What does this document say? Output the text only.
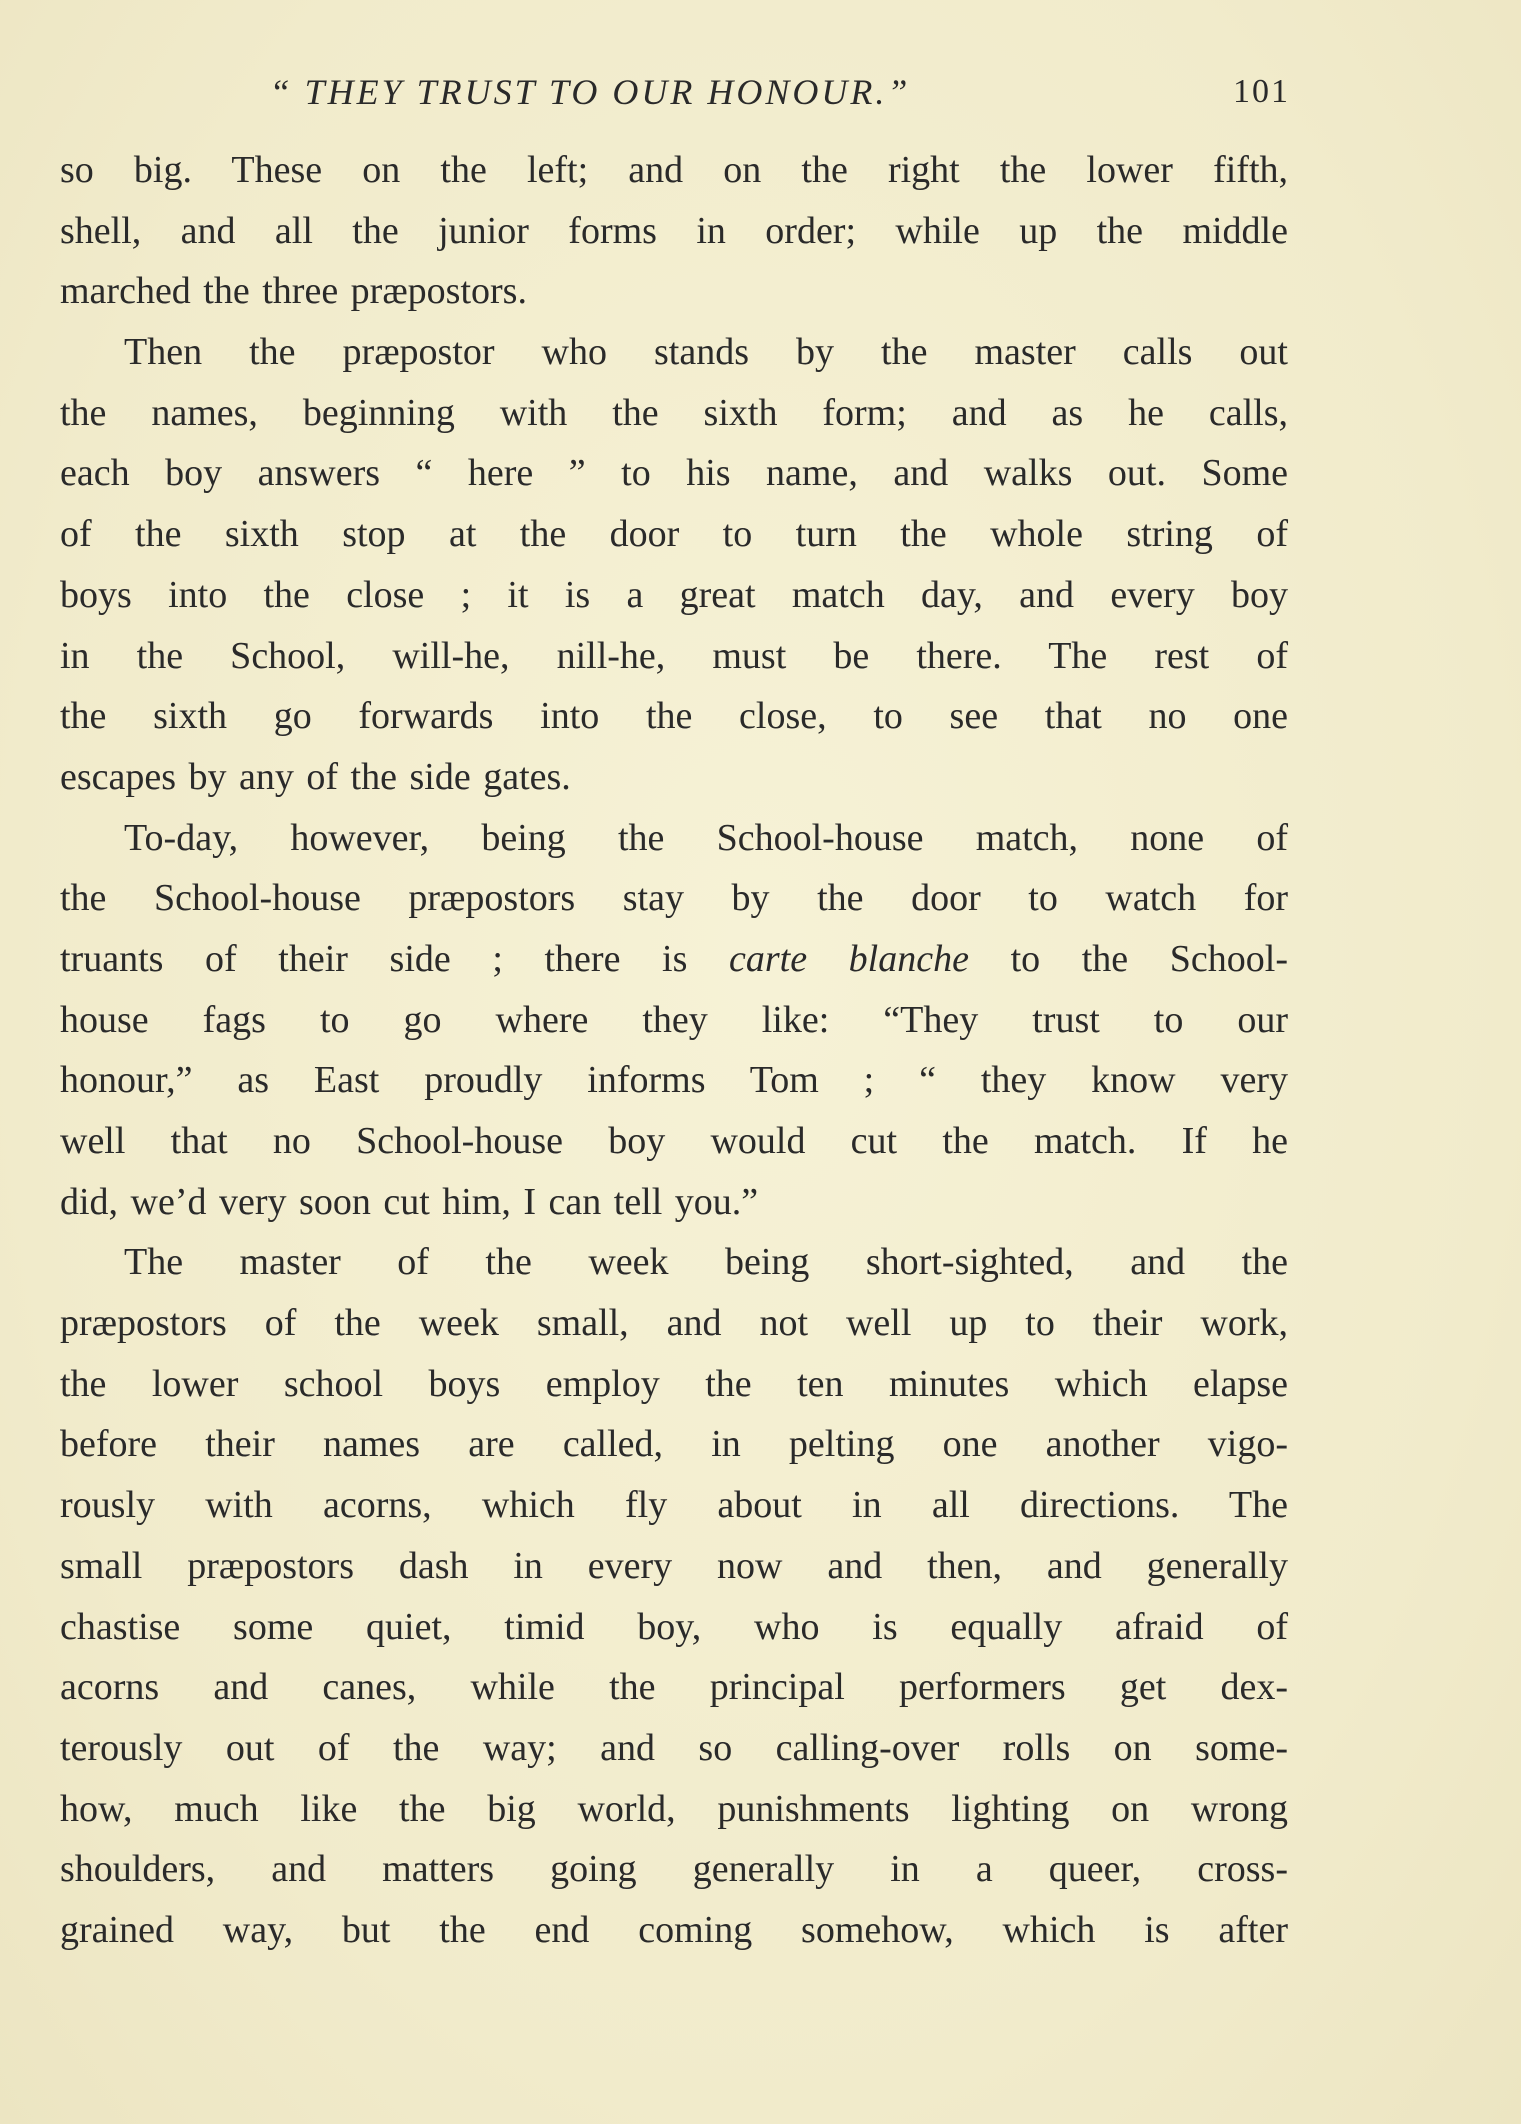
“ THEY TRUST TO OUR HONOUR.”	101
so big. These on the left; and on the right the lower fifth,
shell, and all the junior forms in order; while up the middle
marched the three præpostors.
Then the præpostor who stands by the master calls out
the names, beginning with the sixth form; and as he calls,
each boy answers “ here ” to his name, and walks out. Some
of the sixth stop at the door to turn the whole string of
boys into the close ; it is a great match day, and every boy
in the School, will-he, nill-he, must be there. The rest of
the sixth go forwards into the close, to see that no one
escapes by any of the side gates.
To-day, however, being the School-house match, none of
the School-house præpostors stay by the door to watch for
truants of their side ; there is carte blanche to the School-
house fags to go where they like: “They trust to our
honour,” as East proudly informs Tom ; “ they know very
well that no School-house boy would cut the match. If he
did, we’d very soon cut him, I can tell you.”
The master of the week being short-sighted, and the
præpostors of the week small, and not well up to their work,
the lower school boys employ the ten minutes which elapse
before their names are called, in pelting one another vigo-
rously with acorns, which fly about in all directions. The
small præpostors dash in every now and then, and generally
chastise some quiet, timid boy, who is equally afraid of
acorns and canes, while the principal performers get dex-
terously out of the way; and so calling-over rolls on some-
how, much like the big world, punishments lighting on wrong
shoulders, and matters going generally in a queer, cross-
grained way, but the end coming somehow, which is after
